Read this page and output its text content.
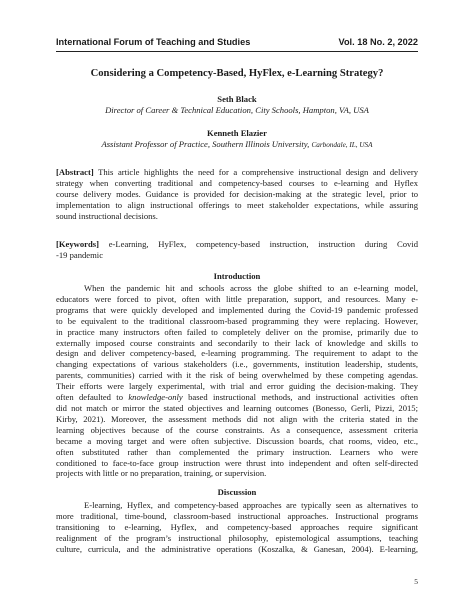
International Forum of Teaching and Studies	Vol. 18 No. 2, 2022
Considering a Competency-Based, HyFlex, e-Learning Strategy?
Seth Black
Director of Career & Technical Education, City Schools, Hampton, VA, USA
Kenneth Elazier
Assistant Professor of Practice, Southern Illinois University, Carbondale, IL, USA
[Abstract] This article highlights the need for a comprehensive instructional design and delivery
strategy when converting traditional and competency-based courses to e-learning and Hyflex
course delivery modes. Guidance is provided for decision-making at the strategic level, prior to
implementation to align instructional offerings to meet stakeholder expectations, while assuring
sound instructional decisions.
[Keywords] e-Learning, HyFlex, competency-based instruction, instruction during Covid
-19 pandemic
Introduction
When the pandemic hit and schools across the globe shifted to an e-learning model,
educators were forced to pivot, often with little preparation, support, and resources. Many e-
programs that were quickly developed and implemented during the Covid-19 pandemic professed
to be equivalent to the traditional classroom-based programming they were replacing. However,
in practice many instructors often failed to completely deliver on the promise, primarily due to
externally imposed course constraints and secondarily to their lack of knowledge and skills to
design and deliver competency-based, e-learning programming. The requirement to adapt to the
changing expectations of various stakeholders (i.e., governments, institution leadership, students,
parents, communities) carried with it the risk of being overwhelmed by these competing agendas.
Their efforts were largely experimental, with trial and error guiding the decision-making. They
often defaulted to knowledge-only based instructional methods, and instructional activities often
did not match or mirror the stated objectives and learning outcomes (Bonesso, Gerli, Pizzi, 2015;
Kirby, 2021). Moreover, the assessment methods did not align with the criteria stated in the
learning objectives because of the course constraints. As a consequence, assessment criteria
became a moving target and were often subjective. Discussion boards, chat rooms, video, etc.,
often substituted rather than complemented the primary instruction. Learners who were
conditioned to face-to-face group instruction were thrust into independent and often self-directed
projects with little or no preparation, training, or supervision.
Discussion
E-learning, Hyflex, and competency-based approaches are typically seen as alternatives to
more traditional, time-bound, classroom-based instructional approaches. Instructional programs
transitioning to e-learning, Hyflex, and competency-based approaches require significant
realignment of the program’s instructional philosophy, epistemological assumptions, teaching
culture, curricula, and the administrative operations (Koszalka, & Ganesan, 2004). E-learning,
5
